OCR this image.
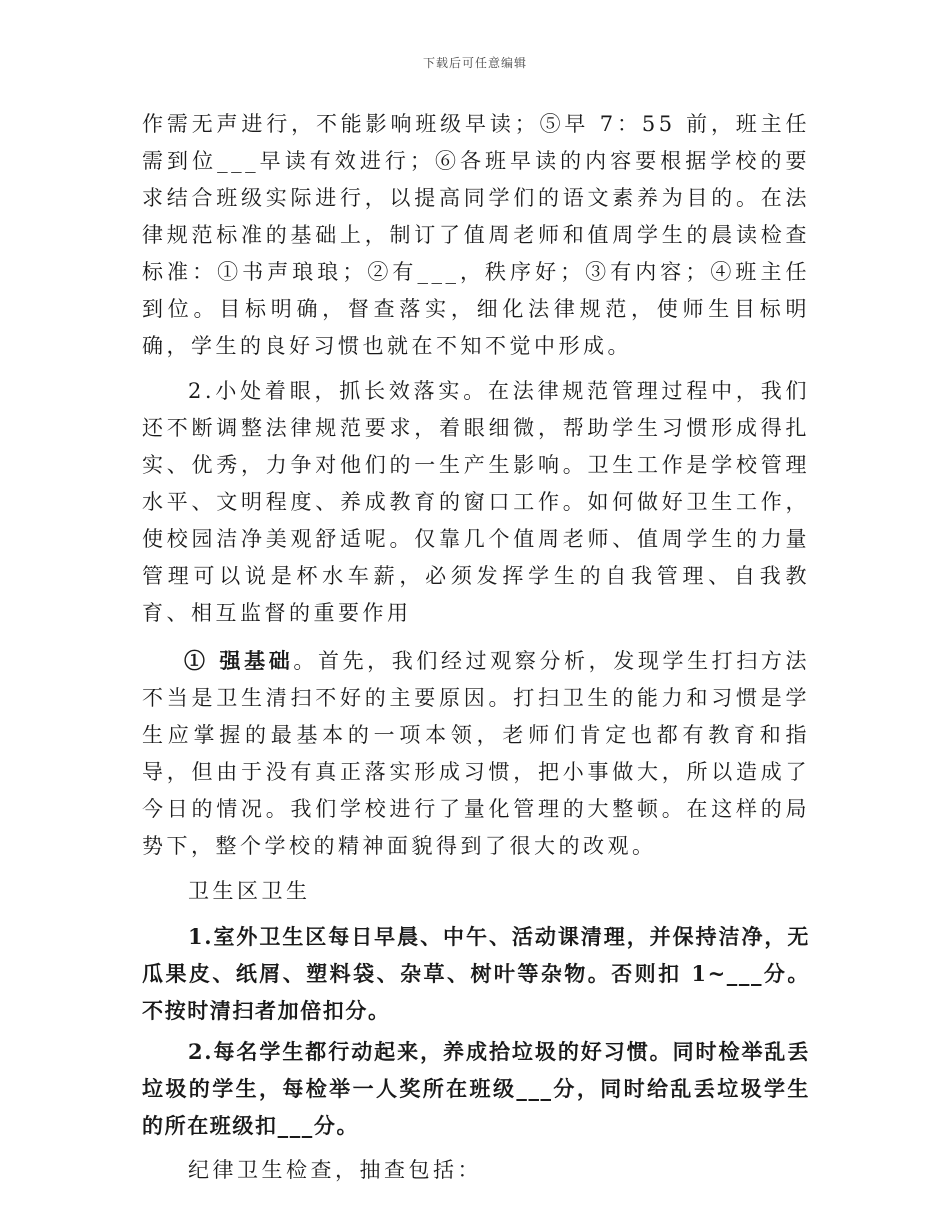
下载后可任意编辑

作需无声进行，不能影响班级早读；⑤早 7：55 前，班主任需到位___早读有效进行；⑥各班早读的内容要根据学校的要求结合班级实际进行，以提高同学们的语文素养为目的。在法律规范标准的基础上，制订了值周老师和值周学生的晨读检查标准：①书声琅琅；②有___，秩序好；③有内容；④班主任到位。目标明确，督查落实，细化法律规范，使师生目标明确，学生的良好习惯也就在不知不觉中形成。

2.小处着眼，抓长效落实。在法律规范管理过程中，我们还不断调整法律规范要求，着眼细微，帮助学生习惯形成得扎实、优秀，力争对他们的一生产生影响。卫生工作是学校管理水平、文明程度、养成教育的窗口工作。如何做好卫生工作，使校园洁净美观舒适呢。仅靠几个值周老师、值周学生的力量管理可以说是杯水车薪，必须发挥学生的自我管理、自我教育、相互监督的重要作用

① 强基础。首先，我们经过观察分析，发现学生打扫方法不当是卫生清扫不好的主要原因。打扫卫生的能力和习惯是学生应掌握的最基本的一项本领，老师们肯定也都有教育和指导，但由于没有真正落实形成习惯，把小事做大，所以造成了今日的情况。我们学校进行了量化管理的大整顿。在这样的局势下，整个学校的精神面貌得到了很大的改观。

卫生区卫生

1.室外卫生区每日早晨、中午、活动课清理，并保持洁净，无瓜果皮、纸屑、塑料袋、杂草、树叶等杂物。否则扣 1~___分。不按时清扫者加倍扣分。

2.每名学生都行动起来，养成拾垃圾的好习惯。同时检举乱丢垃圾的学生，每检举一人奖所在班级___分，同时给乱丢垃圾学生的所在班级扣___分。

纪律卫生检查，抽查包括：
